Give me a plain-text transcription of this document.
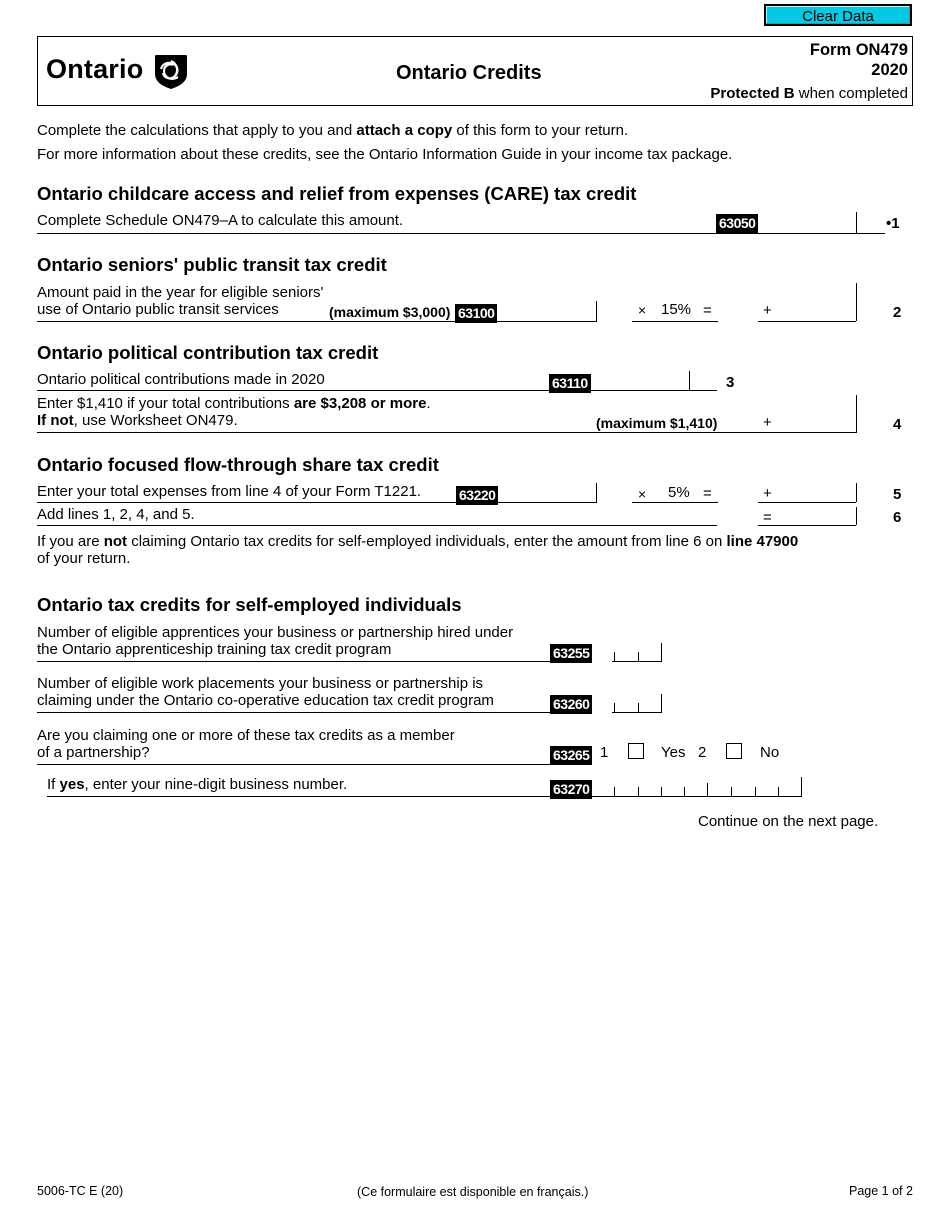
Clear Data
Ontario	Ontario Credits
Form ON479
2020
Protected B when completed
Complete the calculations that apply to you and attach a copy of this form to your return.
For more information about these credits, see the Ontario Information Guide in your income tax package.
Ontario childcare access and relief from expenses (CARE) tax credit
Complete Schedule ON479–A to calculate this amount.	63050	•1
Ontario seniors' public transit tax credit
Amount paid in the year for eligible seniors'
use of Ontario public transit services	(maximum $3,000) 63100	× 15% =	+	2
Ontario political contribution tax credit
Ontario political contributions made in 2020	63110	3
Enter $1,410 if your total contributions are $3,208 or more.
If not, use Worksheet ON479.	(maximum $1,410)	+	4
Ontario focused flow-through share tax credit
Enter your total expenses from line 4 of your Form T1221.	63220	× 5% =	+	5
Add lines 1, 2, 4, and 5.	=	6
If you are not claiming Ontario tax credits for self-employed individuals, enter the amount from line 6 on line 47900
of your return.
Ontario tax credits for self-employed individuals
Number of eligible apprentices your business or partnership hired under
the Ontario apprenticeship training tax credit program	63255
Number of eligible work placements your business or partnership is
claiming under the Ontario co-operative education tax credit program	63260
Are you claiming one or more of these tax credits as a member
of a partnership?	63265 1	Yes 2	No
If yes, enter your nine-digit business number.	63270
Continue on the next page.
5006-TC E (20)	(Ce formulaire est disponible en français.)	Page 1 of 2
